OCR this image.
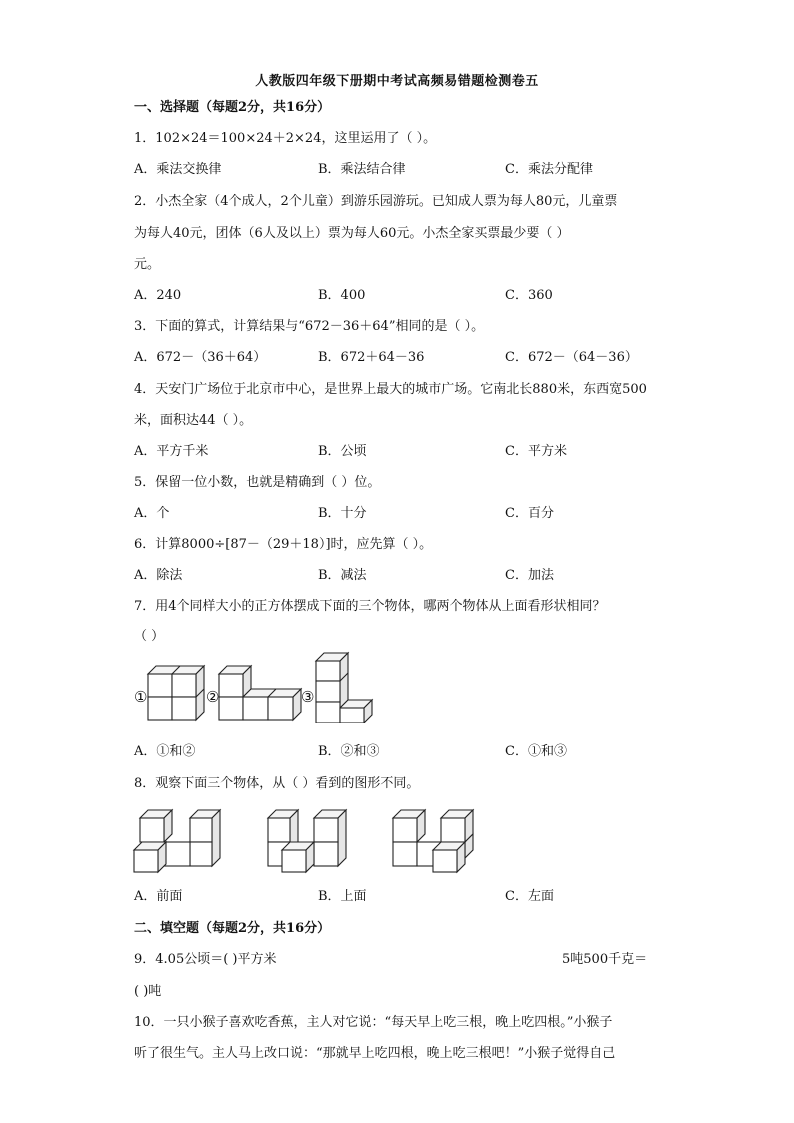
人教版四年级下册期中考试高频易错题检测卷五
一、选择题（每题2分，共16分）
1．102×24＝100×24＋2×24，这里运用了（ ）。
A．乘法交换律	B．乘法结合律	C．乘法分配律
2．小杰全家（4个成人，2个儿童）到游乐园游玩。已知成人票为每人80元，儿童票
为每人40元，团体（6人及以上）票为每人60元。小杰全家买票最少要（ ）
元。
A．240	B．400	C．360
3．下面的算式，计算结果与“672－36＋64”相同的是（ ）。
A．672－（36＋64）	B．672＋64－36	C．672－（64－36）
4．天安门广场位于北京市中心，是世界上最大的城市广场。它南北长880米，东西宽500
米，面积达44（ ）。
A．平方千米	B．公顷	C．平方米
5．保留一位小数，也就是精确到（ ）位。
A．个	B．十分	C．百分
6．计算8000÷[87－（29＋18）]时，应先算（ ）。
A．除法	B．减法	C．加法
7．用4个同样大小的正方体摆成下面的三个物体，哪两个物体从上面看形状相同？
（ ）
①	②	③
A．①和②	B．②和③	C．①和③
8．观察下面三个物体，从（ ）看到的图形不同。
A．前面	B．上面	C．左面
二、填空题（每题2分，共16分）
9．4.05公顷＝( )平方米	5吨500千克＝
( )吨
10．一只小猴子喜欢吃香蕉，主人对它说：“每天早上吃三根，晚上吃四根。”小猴子
听了很生气。主人马上改口说：“那就早上吃四根，晚上吃三根吧！”小猴子觉得自己
